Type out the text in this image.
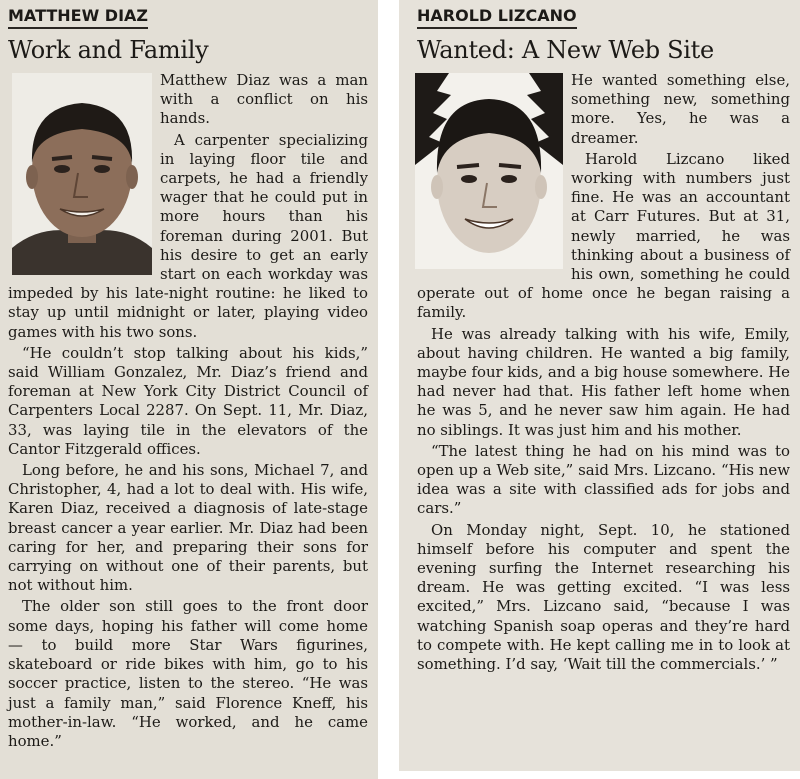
MATTHEW DIAZ
Work and Family

Matthew Diaz was a man with a conflict on his hands.

A carpenter specializing in laying floor tile and carpets, he had a friendly wager that he could put in more hours than his foreman during 2001. But his desire to get an early start on each workday was impeded by his late-night routine: he liked to stay up until midnight or later, playing video games with his two sons.

“He couldn’t stop talking about his kids,” said William Gonzalez, Mr. Diaz’s friend and foreman at New York City District Council of Carpenters Local 2287. On Sept. 11, Mr. Diaz, 33, was laying tile in the elevators of the Cantor Fitzgerald offices.

Long before, he and his sons, Michael 7, and Christopher, 4, had a lot to deal with. His wife, Karen Diaz, received a diagnosis of late-stage breast cancer a year earlier. Mr. Diaz had been caring for her, and preparing their sons for carrying on without one of their parents, but not without him.

The older son still goes to the front door some days, hoping his father will come home — to build more Star Wars figurines, skateboard or ride bikes with him, go to his soccer practice, listen to the stereo. “He was just a family man,” said Florence Kneff, his mother-in-law. “He worked, and he came home.”

HAROLD LIZCANO
Wanted: A New Web Site

He wanted something else, something new, something more. Yes, he was a dreamer.

Harold Lizcano liked working with numbers just fine. He was an accountant at Carr Futures. But at 31, newly married, he was thinking about a business of his own, something he could operate out of home once he began raising a family.

He was already talking with his wife, Emily, about having children. He wanted a big family, maybe four kids, and a big house somewhere. He had never had that. His father left home when he was 5, and he never saw him again. He had no siblings. It was just him and his mother.

“The latest thing he had on his mind was to open up a Web site,” said Mrs. Lizcano. “His new idea was a site with classified ads for jobs and cars.”

On Monday night, Sept. 10, he stationed himself before his computer and spent the evening surfing the Internet researching his dream. He was getting excited. “I was less excited,” Mrs. Lizcano said, “because I was watching Spanish soap operas and they’re hard to compete with. He kept calling me in to look at something. I’d say, ‘Wait till the commercials.’ ”
